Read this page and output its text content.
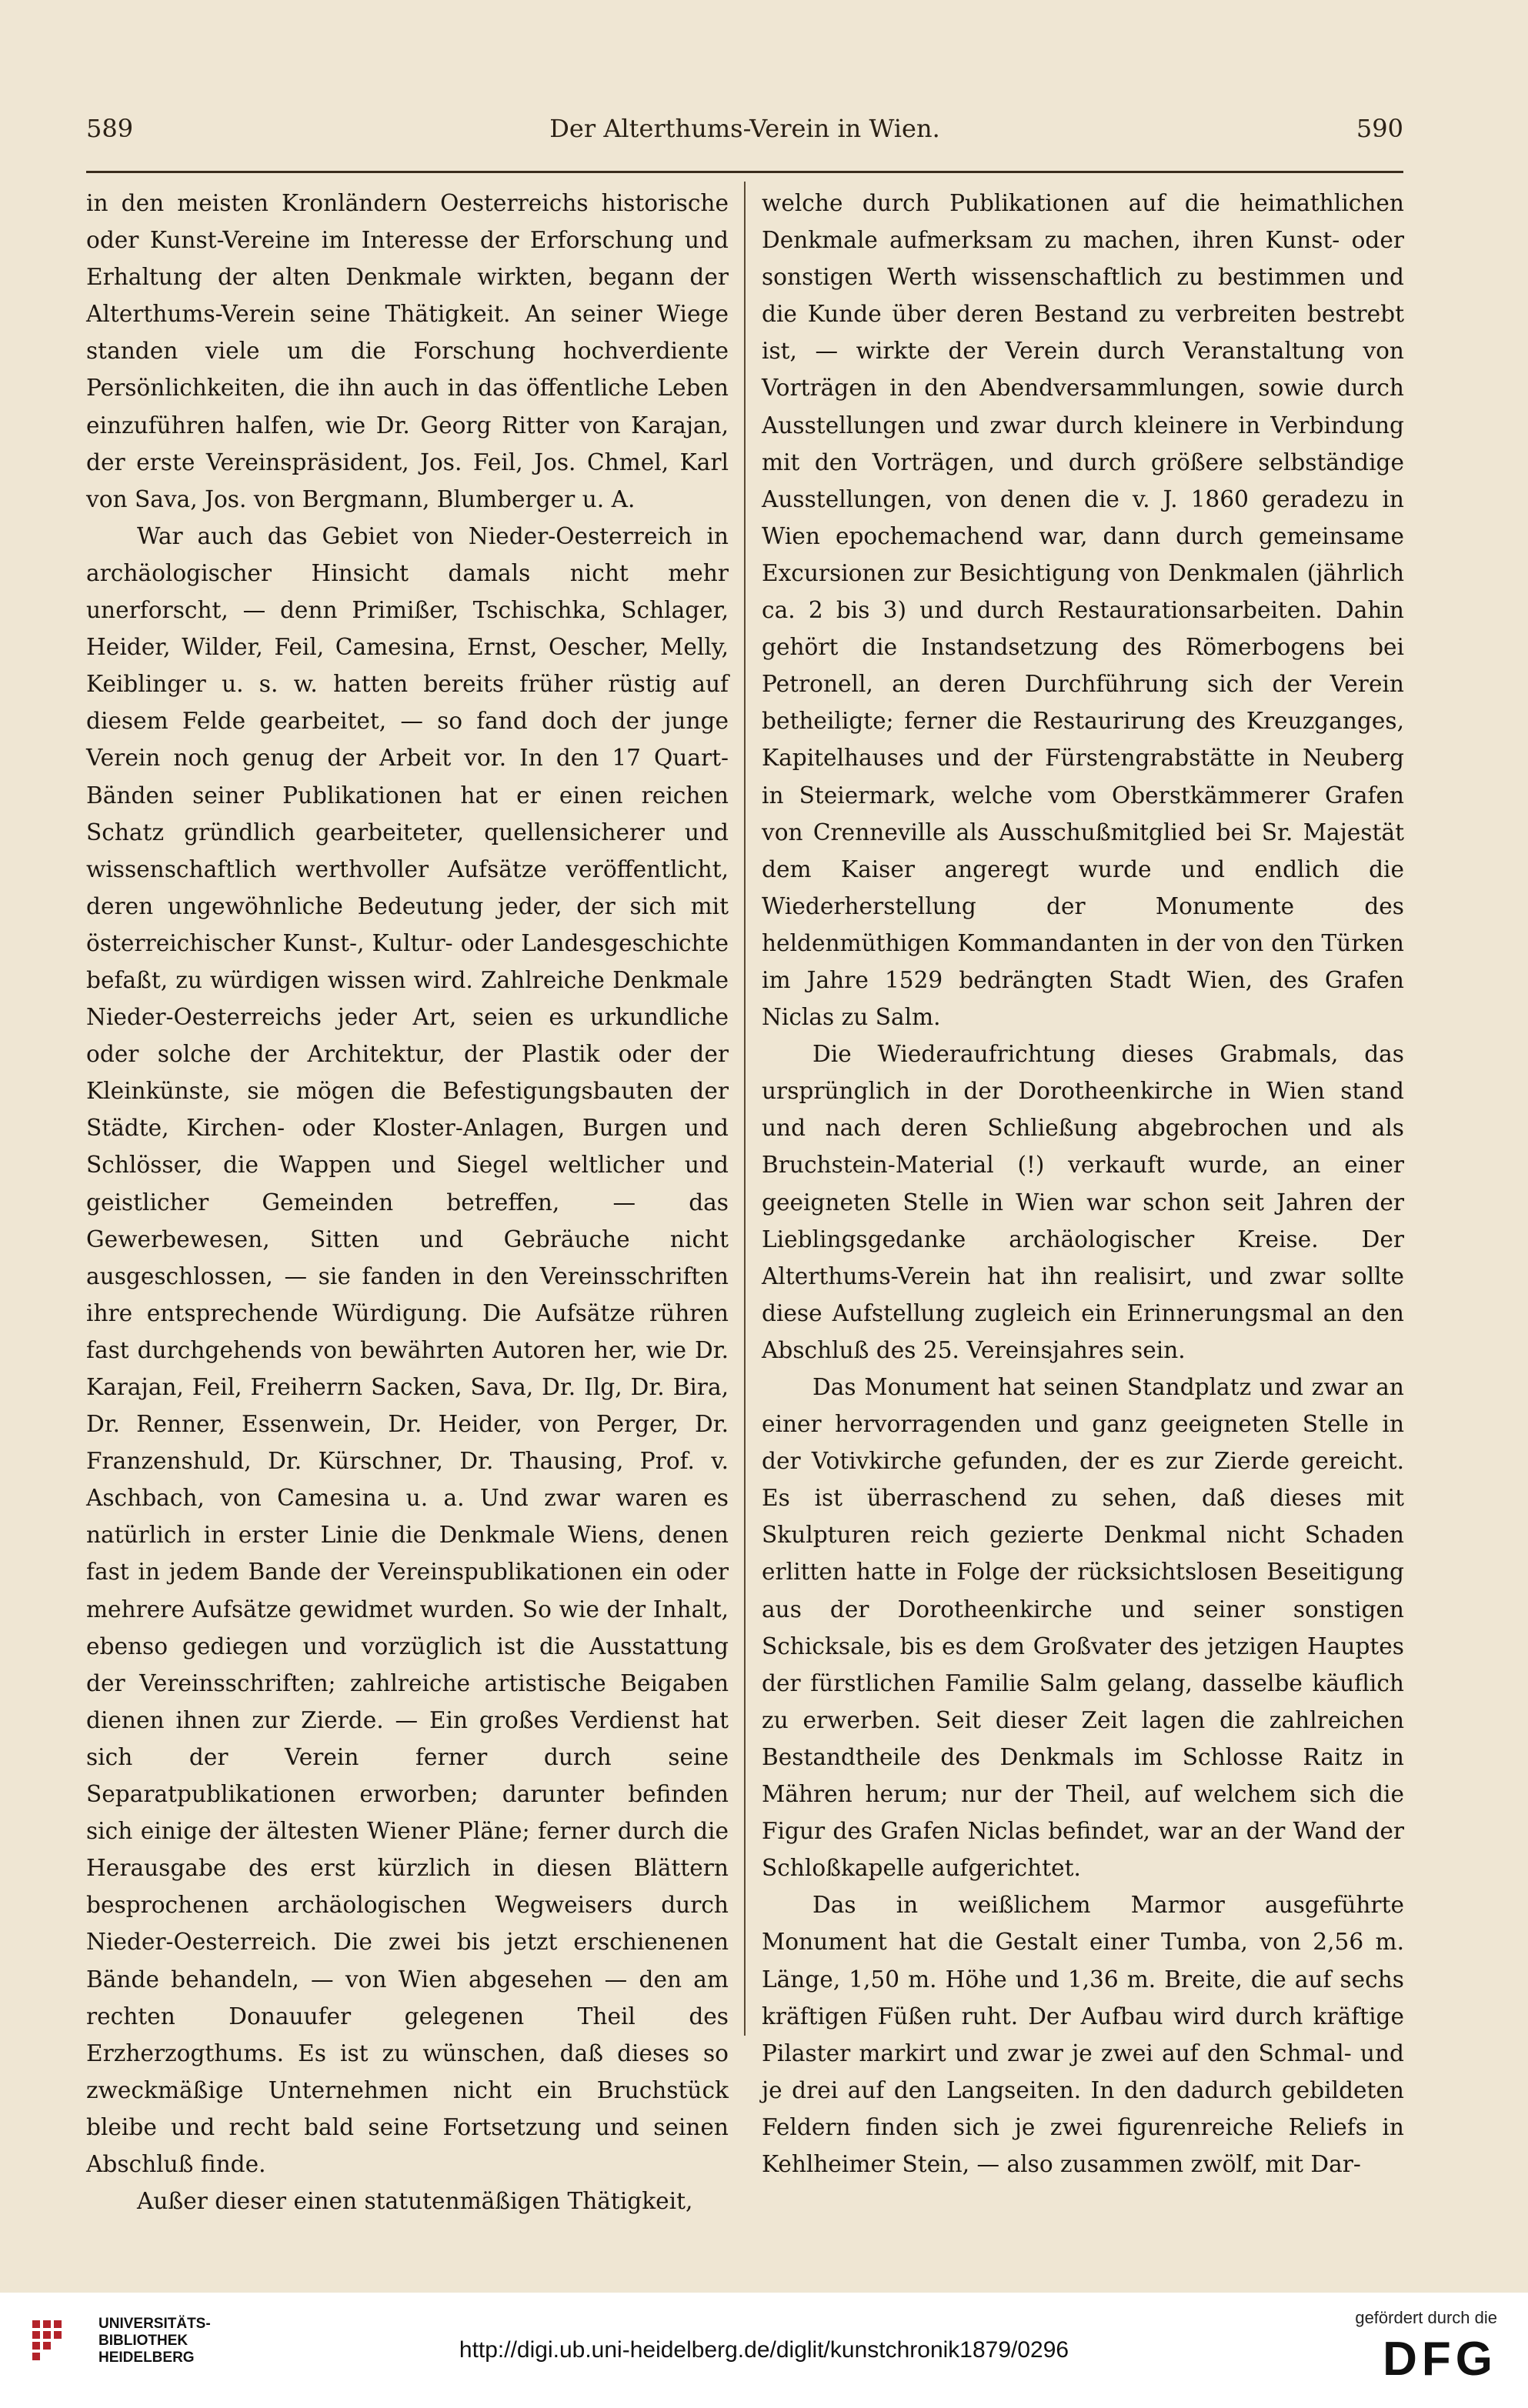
589	Der Alterthums-Verein in Wien.	590

in den meisten Kronländern Oesterreichs historische oder Kunst-Vereine im Interesse der Erforschung und Erhaltung der alten Denkmale wirkten, begann der Alterthums-Verein seine Thätigkeit. An seiner Wiege standen viele um die Forschung hochverdiente Persönlichkeiten, die ihn auch in das öffentliche Leben einzuführen halfen, wie Dr. Georg Ritter von Karajan, der erste Vereinspräsident, Jos. Feil, Jos. Chmel, Karl von Sava, Jos. von Bergmann, Blumberger u. A.

War auch das Gebiet von Nieder-Oesterreich in archäologischer Hinsicht damals nicht mehr unerforscht, — denn Primißer, Tschischka, Schlager, Heider, Wilder, Feil, Camesina, Ernst, Oescher, Melly, Keiblinger u. s. w. hatten bereits früher rüstig auf diesem Felde gearbeitet, — so fand doch der junge Verein noch genug der Arbeit vor. In den 17 Quart-Bänden seiner Publikationen hat er einen reichen Schatz gründlich gearbeiteter, quellensicherer und wissenschaftlich werthvoller Aufsätze veröffentlicht, deren ungewöhnliche Bedeutung jeder, der sich mit österreichischer Kunst-, Kultur- oder Landesgeschichte befaßt, zu würdigen wissen wird. Zahlreiche Denkmale Nieder-Oesterreichs jeder Art, seien es urkundliche oder solche der Architektur, der Plastik oder der Kleinkünste, sie mögen die Befestigungsbauten der Städte, Kirchen- oder Kloster-Anlagen, Burgen und Schlösser, die Wappen und Siegel weltlicher und geistlicher Gemeinden betreffen, — das Gewerbewesen, Sitten und Gebräuche nicht ausgeschlossen, — sie fanden in den Vereinsschriften ihre entsprechende Würdigung. Die Aufsätze rühren fast durchgehends von bewährten Autoren her, wie Dr. Karajan, Feil, Freiherrn Sacken, Sava, Dr. Ilg, Dr. Bira, Dr. Renner, Essenwein, Dr. Heider, von Perger, Dr. Franzenshuld, Dr. Kürschner, Dr. Thausing, Prof. v. Aschbach, von Camesina u. a. Und zwar waren es natürlich in erster Linie die Denkmale Wiens, denen fast in jedem Bande der Vereinspublikationen ein oder mehrere Aufsätze gewidmet wurden. So wie der Inhalt, ebenso gediegen und vorzüglich ist die Ausstattung der Vereinsschriften; zahlreiche artistische Beigaben dienen ihnen zur Zierde. — Ein großes Verdienst hat sich der Verein ferner durch seine Separatpublikationen erworben; darunter befinden sich einige der ältesten Wiener Pläne; ferner durch die Herausgabe des erst kürzlich in diesen Blättern besprochenen archäologischen Wegweisers durch Nieder-Oesterreich. Die zwei bis jetzt erschienenen Bände behandeln, — von Wien abgesehen — den am rechten Donauufer gelegenen Theil des Erzherzogthums. Es ist zu wünschen, daß dieses so zweckmäßige Unternehmen nicht ein Bruchstück bleibe und recht bald seine Fortsetzung und seinen Abschluß finde.

Außer dieser einen statutenmäßigen Thätigkeit,

welche durch Publikationen auf die heimathlichen Denkmale aufmerksam zu machen, ihren Kunst- oder sonstigen Werth wissenschaftlich zu bestimmen und die Kunde über deren Bestand zu verbreiten bestrebt ist, — wirkte der Verein durch Veranstaltung von Vorträgen in den Abendversammlungen, sowie durch Ausstellungen und zwar durch kleinere in Verbindung mit den Vorträgen, und durch größere selbständige Ausstellungen, von denen die v. J. 1860 geradezu in Wien epochemachend war, dann durch gemeinsame Excursionen zur Besichtigung von Denkmalen (jährlich ca. 2 bis 3) und durch Restaurationsarbeiten. Dahin gehört die Instandsetzung des Römerbogens bei Petronell, an deren Durchführung sich der Verein betheiligte; ferner die Restaurirung des Kreuzganges, Kapitelhauses und der Fürstengrabstätte in Neuberg in Steiermark, welche vom Oberstkämmerer Grafen von Crenneville als Ausschußmitglied bei Sr. Majestät dem Kaiser angeregt wurde und endlich die Wiederherstellung der Monumente des heldenmüthigen Kommandanten in der von den Türken im Jahre 1529 bedrängten Stadt Wien, des Grafen Niclas zu Salm.

Die Wiederaufrichtung dieses Grabmals, das ursprünglich in der Dorotheenkirche in Wien stand und nach deren Schließung abgebrochen und als Bruchstein-Material (!) verkauft wurde, an einer geeigneten Stelle in Wien war schon seit Jahren der Lieblingsgedanke archäologischer Kreise. Der Alterthums-Verein hat ihn realisirt, und zwar sollte diese Aufstellung zugleich ein Erinnerungsmal an den Abschluß des 25. Vereinsjahres sein.

Das Monument hat seinen Standplatz und zwar an einer hervorragenden und ganz geeigneten Stelle in der Votivkirche gefunden, der es zur Zierde gereicht. Es ist überraschend zu sehen, daß dieses mit Skulpturen reich gezierte Denkmal nicht Schaden erlitten hatte in Folge der rücksichtslosen Beseitigung aus der Dorotheenkirche und seiner sonstigen Schicksale, bis es dem Großvater des jetzigen Hauptes der fürstlichen Familie Salm gelang, dasselbe käuflich zu erwerben. Seit dieser Zeit lagen die zahlreichen Bestandtheile des Denkmals im Schlosse Raitz in Mähren herum; nur der Theil, auf welchem sich die Figur des Grafen Niclas befindet, war an der Wand der Schloßkapelle aufgerichtet.

Das in weißlichem Marmor ausgeführte Monument hat die Gestalt einer Tumba, von 2,56 m. Länge, 1,50 m. Höhe und 1,36 m. Breite, die auf sechs kräftigen Füßen ruht. Der Aufbau wird durch kräftige Pilaster markirt und zwar je zwei auf den Schmal- und je drei auf den Langseiten. In den dadurch gebildeten Feldern finden sich je zwei figurenreiche Reliefs in Kehlheimer Stein, — also zusammen zwölf, mit Dar-

UNIVERSITÄTS-
BIBLIOTHEK
HEIDELBERG	http://digi.ub.uni-heidelberg.de/diglit/kunstchronik1879/0296
gefördert durch die
DFG
